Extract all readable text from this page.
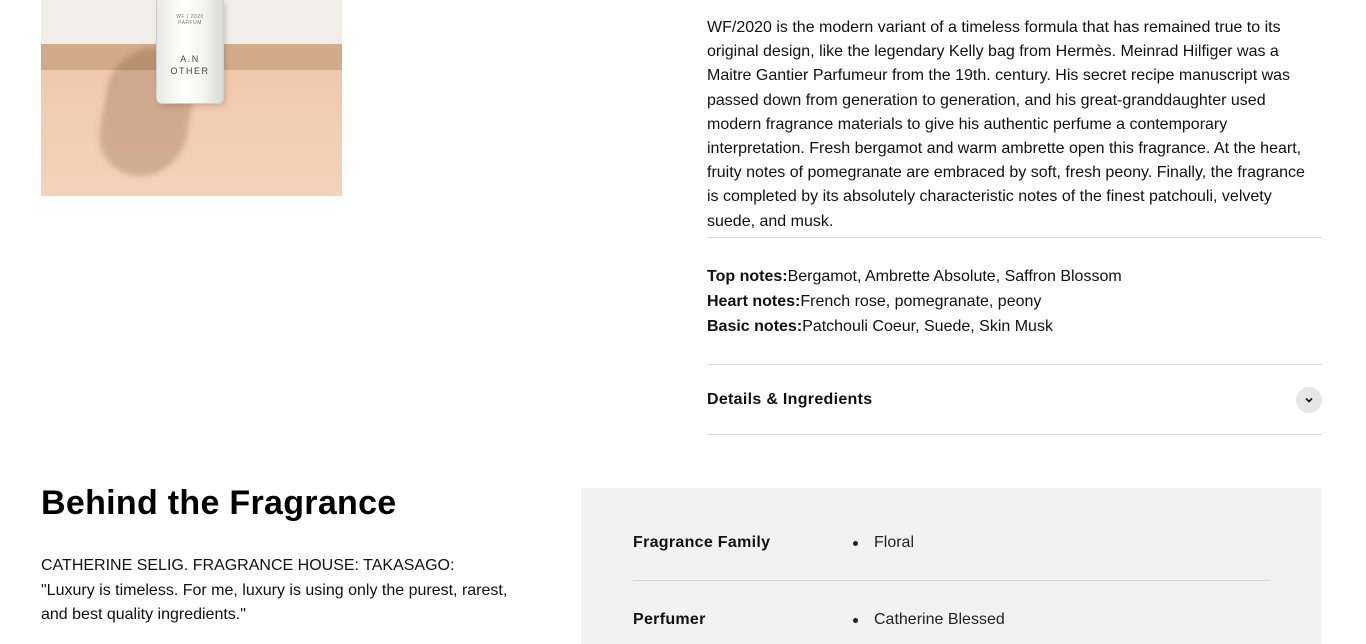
WF / 2020
PARFUM
A.N
OTHER

WF/2020 is the modern variant of a timeless formula that has remained true to its original design, like the legendary Kelly bag from Hermès. Meinrad Hilfiger was a Maitre Gantier Parfumeur from the 19th. century. His secret recipe manuscript was passed down from generation to generation, and his great-granddaughter used modern fragrance materials to give his authentic perfume a contemporary interpretation. Fresh bergamot and warm ambrette open this fragrance. At the heart, fruity notes of pomegranate are embraced by soft, fresh peony. Finally, the fragrance is completed by its absolutely characteristic notes of the finest patchouli, velvety suede, and musk.

Top notes:Bergamot, Ambrette Absolute, Saffron Blossom
Heart notes:French rose, pomegranate, peony
Basic notes:Patchouli Coeur, Suede, Skin Musk
Details & Ingredients
Behind the Fragrance
CATHERINE SELIG. FRAGRANCE HOUSE: TAKASAGO:
"Luxury is timeless. For me, luxury is using only the purest, rarest,
and best quality ingredients."
Fragrance Family	Floral
Perfumer	Catherine Blessed
